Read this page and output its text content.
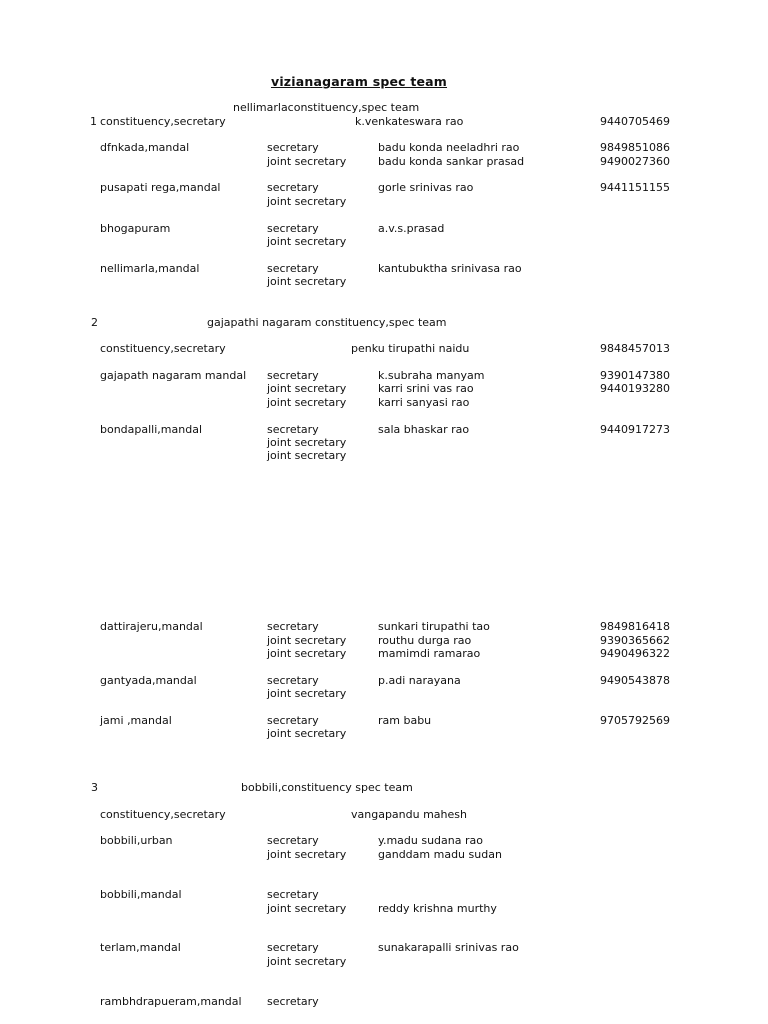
vizianagaram spec team
nellimarlaconstituency,spec team
1 constituency,secretary	k.venkateswara rao	9440705469
dfnkada,mandal	secretary	badu konda neeladhri rao	9849851086
joint secretary	badu konda sankar prasad	9490027360
pusapati rega,mandal	secretary	gorle srinivas rao	9441151155
joint secretary
bhogapuram	secretary	a.v.s.prasad
joint secretary
nellimarla,mandal	secretary	kantubuktha srinivasa rao
joint secretary
2	gajapathi nagaram constituency,spec team
constituency,secretary	penku tirupathi naidu	9848457013
gajapath nagaram mandal secretary	k.subraha manyam	9390147380
joint secretary	karri srini vas rao	9440193280
joint secretary	karri sanyasi rao
bondapalli,mandal	secretary	sala bhaskar rao	9440917273
joint secretary
joint secretary
dattirajeru,mandal	secretary	sunkari tirupathi tao	9849816418
joint secretary	routhu durga rao	9390365662
joint secretary	mamimdi ramarao	9490496322
gantyada,mandal	secretary	p.adi narayana	9490543878
joint secretary
jami ,mandal	secretary	ram babu	9705792569
joint secretary
3	bobbili,constituency spec team
constituency,secretary	vangapandu mahesh
bobbili,urban	secretary	y.madu sudana rao
joint secretary	ganddam madu sudan
bobbili,mandal	secretary
joint secretary	reddy krishna murthy
terlam,mandal	secretary	sunakarapalli srinivas rao
joint secretary
rambhdrapueram,mandal secretary
